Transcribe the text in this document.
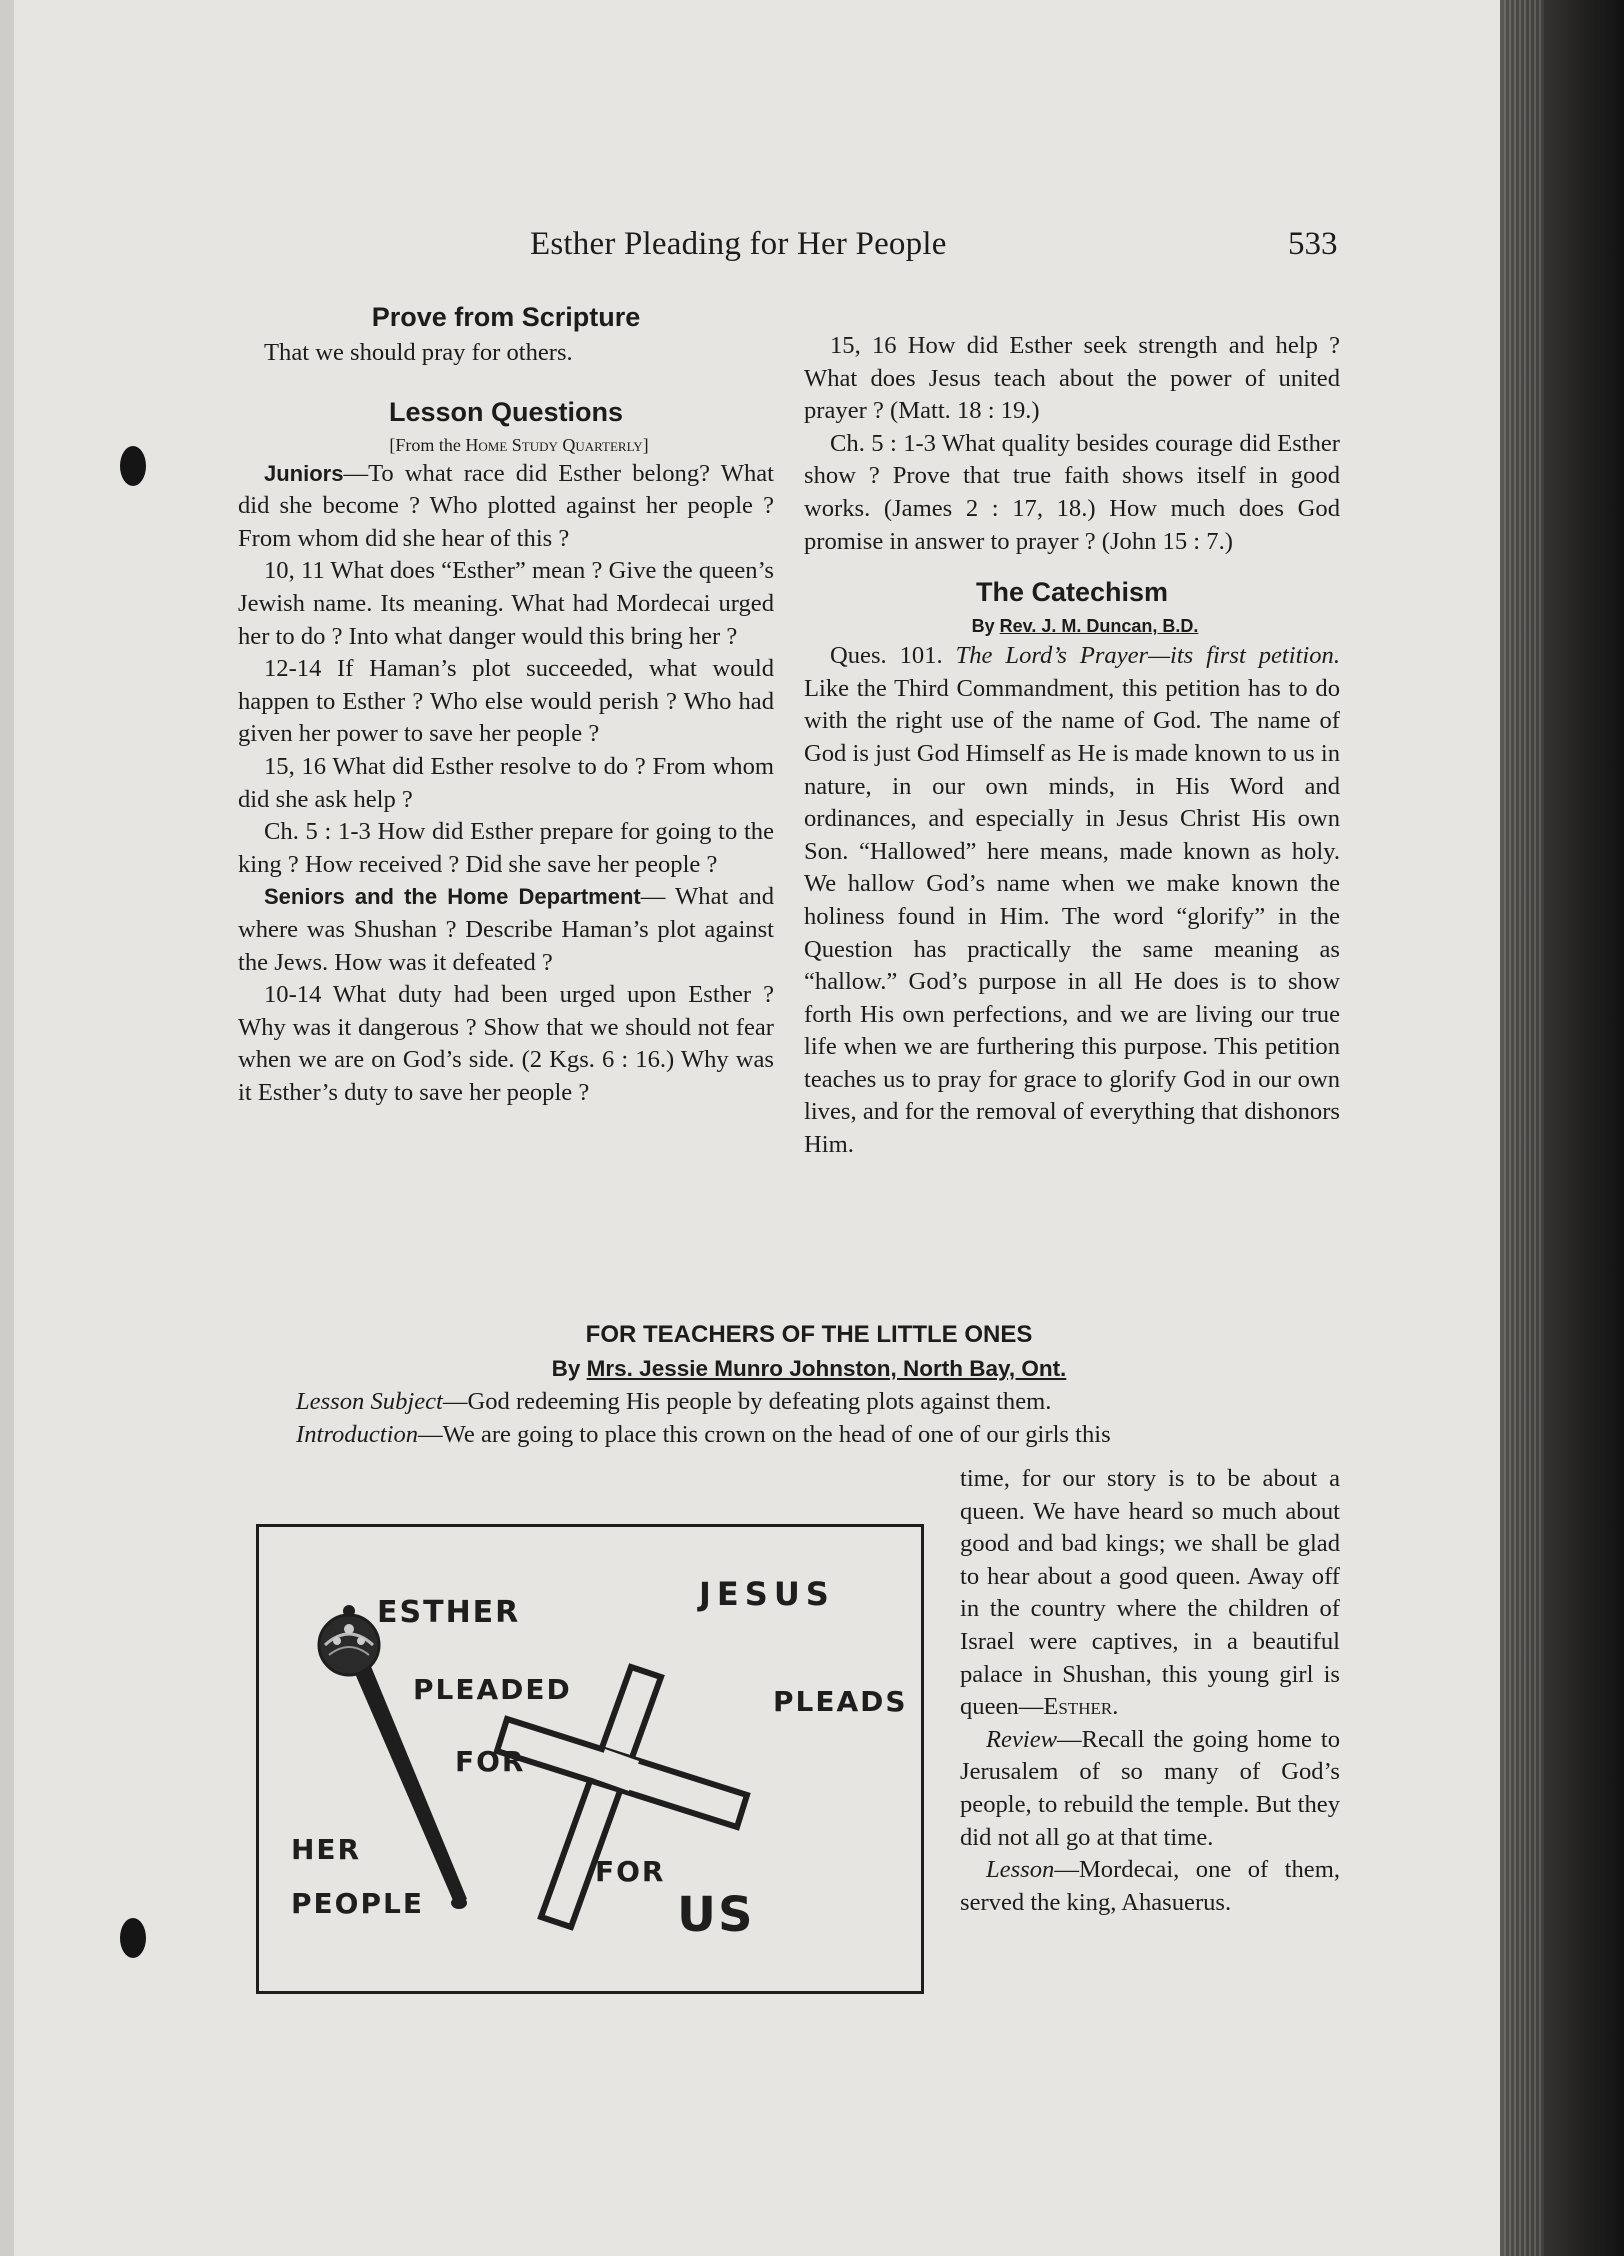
Esther Pleading for Her People	533
Prove from Scripture

That we should pray for others.

Lesson Questions

[From the Home Study Quarterly]

Juniors—To what race did Esther belong? What did she become ? Who plotted against her people ? From whom did she hear of this ?

10, 11 What does “Esther” mean ? Give the queen’s Jewish name. Its meaning. What had Mordecai urged her to do ? Into what danger would this bring her ?

12-14 If Haman’s plot succeeded, what would happen to Esther ? Who else would perish ? Who had given her power to save her people ?

15, 16 What did Esther resolve to do ? From whom did she ask help ?

Ch. 5 : 1-3 How did Esther prepare for going to the king ? How received ? Did she save her people ?

Seniors and the Home Department— What and where was Shushan ? Describe Haman’s plot against the Jews. How was it defeated ?

10-14 What duty had been urged upon Esther ? Why was it dangerous ? Show that we should not fear when we are on God’s side. (2 Kgs. 6 : 16.) Why was it Esther’s duty to save her people ?

15, 16 How did Esther seek strength and help ? What does Jesus teach about the power of united prayer ? (Matt. 18 : 19.)

Ch. 5 : 1-3 What quality besides courage did Esther show ? Prove that true faith shows itself in good works. (James 2 : 17, 18.) How much does God promise in answer to prayer ? (John 15 : 7.)

The Catechism

By Rev. J. M. Duncan, B.D.

Ques. 101. The Lord’s Prayer—its first petition. Like the Third Commandment, this petition has to do with the right use of the name of God. The name of God is just God Himself as He is made known to us in nature, in our own minds, in His Word and ordinances, and especially in Jesus Christ His own Son. “Hallowed” here means, made known as holy. We hallow God’s name when we make known the holiness found in Him. The word “glorify” in the Question has practically the same meaning as “hallow.” God’s purpose in all He does is to show forth His own perfections, and we are living our true life when we are furthering this purpose. This petition teaches us to pray for grace to glorify God in our own lives, and for the removal of everything that dishonors Him.

FOR TEACHERS OF THE LITTLE ONES

By Mrs. Jessie Munro Johnston, North Bay, Ont.

Lesson Subject—God redeeming His people by defeating plots against them.

Introduction—We are going to place this crown on the head of one of our girls this

time, for our story is to be about a queen. We have heard so much about good and bad kings; we shall be glad to hear about a good queen. Away off in the country where the children of Israel were captives, in a beautiful palace in Shushan, this young girl is queen—Esther.

Review—Recall the going home to Jerusalem of so many of God’s people, to rebuild the temple. But they did not all go at that time.

Lesson—Mordecai, one of them, served the king, Ahasuerus.

ESTHER
PLEADED
FOR
HER
PEOPLE
JESUS
PLEADS
FOR
US
